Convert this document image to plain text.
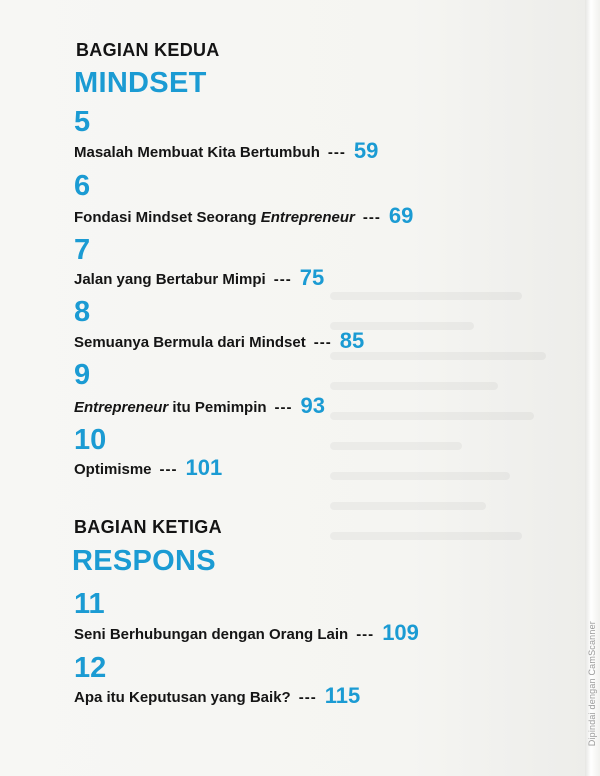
BAGIAN KEDUA
MINDSET
5
Masalah Membuat Kita Bertumbuh --- 59
6
Fondasi Mindset Seorang Entrepreneur --- 69
7
Jalan yang Bertabur Mimpi --- 75
8
Semuanya Bermula dari Mindset --- 85
9
Entrepreneur itu Pemimpin --- 93
10
Optimisme --- 101
BAGIAN KETIGA
RESPONS
11
Seni Berhubungan dengan Orang Lain --- 109
12
Apa itu Keputusan yang Baik? --- 115	Dipindai dengan CamScanner
